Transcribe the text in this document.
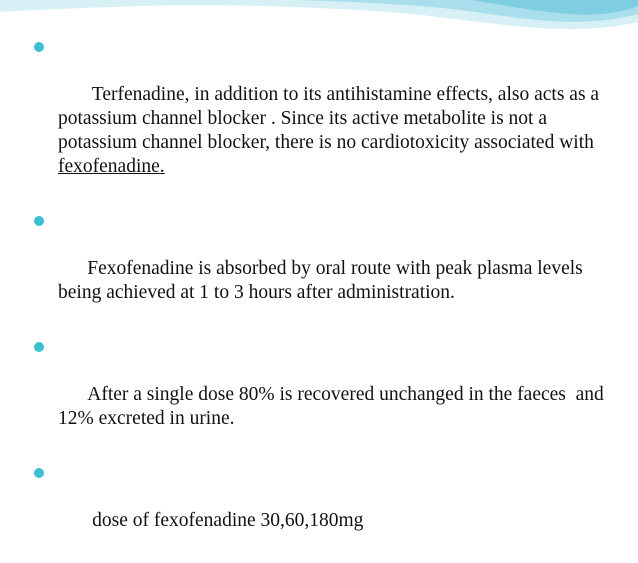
Terfenadine, in addition to its antihistamine effects, also acts as a potassium channel blocker . Since its active metabolite is not a potassium channel blocker, there is no cardiotoxicity associated with fexofenadine.

Fexofenadine is absorbed by oral route with peak plasma levels being achieved at 1 to 3 hours after administration.

After a single dose 80% is recovered unchanged in the faeces  and 12% excreted in urine.

dose of fexofenadine 30,60,180mg
